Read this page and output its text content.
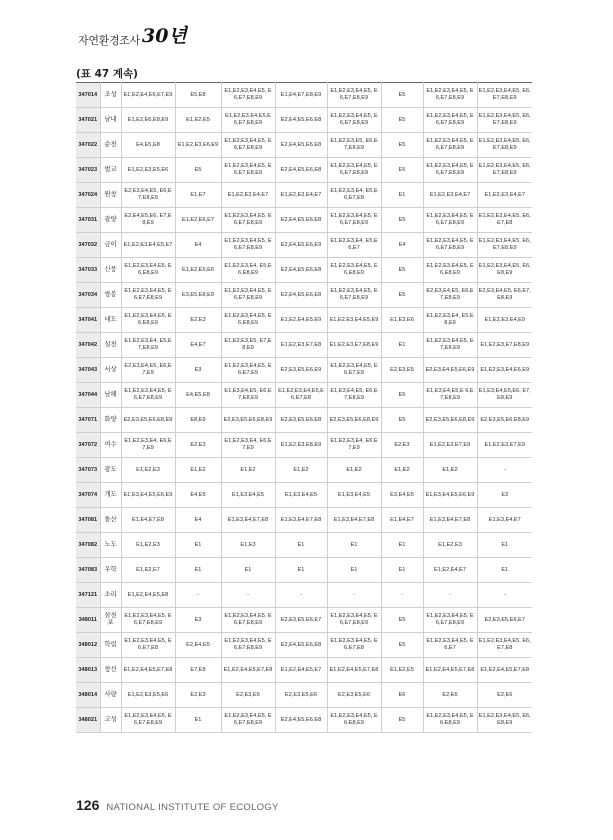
자연환경조사 30년
(표 47 계속)
347014	조성	E1,E2,E4,E6,E7,E9	E5,E8	E1,E2,E3,E4,E5, E6,E7,E8,E9	E1,E4,E7,E8,E9	E1,E2,E3,E4,E5, E6,E7,E8,E9	E5	E1,E2,E3,E4,E5, E6,E7,E8,E9	E1,E2,E3,E4,E5, E6,E7,E8,E9
347021	남내	E1,E2,E6,E8,E9	E1,E2,E5	E1,E2,E3,E4,E5,E 6,E7,E8,E9	E2,E4,E5,E6,E8	E1,E2,E3,E4,E5, E6,E7,E8,E9	E5	E1,E2,E3,E4,E5, E6,E7,E8,E9	E1,E2,E3,E4,E5, E6,E7,E8,E9
347022	순천	E4,E5,E8	E1,E2,E3,E6,E9	E1,E2,E3,E4,E5, E6,E7,E8,E9	E2,E4,E5,E6,E8	E1,E2,E3,E5, E6,E7,E8,E9	E5	E1,E2,E3,E4,E5, E6,E7,E8,E9	E1,E2,E3,E4,E5, E6,E7,E8,E9
347023	벌교	E1,E2,E3,E5,E6	E5	E1,E2,E3,E4,E5, E6,E7,E8,E9	E2,E4,E5,E6,E8	E1,E2,E3,E4,E5, E6,E7,E8,E9	E5	E1,E2,E3,E4,E5, E6,E7,E8,E9	E1,E2,E3,E4,E5, E6,E7,E8,E9
347024	원창	E2,E3,E4,E5, E6,E7,E8,E9	E1,E7	E1,E2,E3,E4,E7	E1,E2,E3,E4,E7	E1,E2,E3,E4, E5,E6,E7,E8	E1	E1,E2,E3,E4,E7	E1,E2,E3,E4,E7
347031	광양	E2,E4,E5,E6, E7,E8,E9	E1,E2,E6,E7	E1,E2,E3,E4,E5, E6,E7,E8,E9	E2,E4,E5,E6,E8	E1,E2,E3,E4,E5, E6,E7,E8,E9	E5	E1,E2,E3,E4,E5, E6,E7,E8,E9	E1,E2,E3,E4,E5, E6,E7,E8
347032	금이	E1,E2,E3,E4,E5,E7	E4	E1,E2,E3,E4,E5, E6,E7,E8,E9	E2,E4,E5,E6,E9	E1,E2,E3,E4, E5,E6,E7	E4	E1,E2,E3,E4,E5, E6,E7,E8,E9	E1,E2,E3,E4,E5, E6,E7,E8,E9
347033	신풍	E1,E2,E3,E4,E5, E6,E8,E9	E1,E2,E5,E6	E1,E2,E3,E4, E5,E6,E8,E9	E2,E4,E5,E6,E8	E1,E2,E3,E4,E5, E6,E8,E9	E5	E1,E2,E3,E4,E5, E6,E8,E9	E1,E2,E3,E4,E5, E6,E8,E9
347034	쌍봉	E1,E2,E3,E4,E5, E6,E7,E8,E9	E3,E5,E8,E9	E1,E2,E3,E4,E5, E6,E7,E8,E9	E2,E4,E5,E6,E8	E1,E2,E3,E4,E5, E6,E7,E8,E9	E5	E2,E3,E4,E5, E6,E7,E8,E9	E2,E3,E4,E5, E6,E7,E8,E9
347041	대도	E1,E2,E3,E4,E5, E6,E8,E9	E2,E3	E1,E2,E3,E4,E5, E6,E8,E9	E1,E2,E4,E5,E9	E1,E2,E3,E4,E5,E9	E1,E3,E6	E1,E2,E3,E4, E5,E8,E9	E1,E2,E3,E4,E9
347042	설천	E1,E2,E3,E4, E5,E7,E8,E9	E4,E7	E1,E2,E3,E5, E7,E8,E9	E1,E2,E3,E7,E8	E1,E2,E3,E7,E8,E9	E1	E1,E2,E3,E4,E5, E7,E8,E9	E1,E2,E3,E7,E8,E9
347043	서상	E2,E3,E4,E5, E6,E7,E9	E3	E1,E2,E3,E4,E5, E6,E7,E9	E2,E3,E5,E6,E9	E1,E2,E3,E4,E5, E6,E7,E9	E2,E3,E5	E2,E3,E4,E5,E6,E9	E1,E2,E3,E4,E6,E9
347044	남해	E1,E2,E3,E4,E5, E6,E7,E8,E9	E4,E5,E8	E1,E3,E4,E5, E6,E7,E8,E9	E1,E2,E3,E4,E5,E 6,E7,E8	E1,E3,E4,E5, E6,E7,E8,E9	E5	E1,E3,E4,E5,E 6,E7,E8,E9	E1,E3,E4,E5,E6, E7,E8,E9
347071	화양	E2,E3,E5,E6,E8,E9	E8,E9	E2,E3,E5,E6,E8,E9	E2,E3,E5,E6,E8	E2,E3,E5,E6,E8,E9	E5	E2,E3,E5,E6,E8,E9	E2,E3,E5,E6,E8,E9
347072	여수	E1,E2,E3,E4, E6,E7,E9	E2,E3	E1,E2,E3,E4, E6,E7,E9	E1,E2,E3,E8,E9	E1,E2,E3,E4, E6,E7,E9	E2,E3	E1,E2,E3,E7,E9	E1,E2,E3,E7,E9
347073	광도	E1,E2,E3	E1,E2	E1,E2	E1,E2	E1,E2	E1,E2	E1,E2	-
347074	개도	E1,E3,E4,E5,E6,E9	E4,E5	E1,E3,E4,E5	E1,E3,E4,E5	E1,E3,E4,E5	E3,E4,E5	E1,E3,E4,E5,E6,E9	E3
347081	돌산	E1,E4,E7,E8	E4	E1,E3,E4,E7,E8	E1,E3,E4,E7,E8	E1,E3,E4,E7,E8	E1,E4,E7	E1,E3,E4,E7,E8	E1,E3,E4,E7
347082	노도	E1,E2,E3	E1	E1,E3	E1	E1	E1	E1,E2,E3	E1
347083	우학	E1,E2,E7	E1	E1	E1	E1	E1	E1,E2,E4,E7	E1
347121	소리	E1,E2,E4,E5,E8	-	-	-	-	-	-	-
348011	삼천포	E1,E2,E3,E4,E5, E6,E7,E8,E9	E3	E1,E2,E3,E4,E5, E6,E7,E8,E9	E2,E3,E5,E6,E7	E1,E2,E3,E4,E5, E6,E7,E8,E9	E5	E1,E2,E3,E4,E5, E6,E7,E8,E9	E2,E3,E5,E6,E7
348012	학림	E1,E2,E3,E4,E5, E6,E7,E8	E2,E4,E5	E1,E2,E3,E4,E5, E6,E7,E8,E9	E2,E4,E5,E6,E8	E1,E2,E3,E4,E5, E6,E7,E8	E5	E1,E2,E3,E4,E5, E6,E7	E1,E2,E3,E4,E5, E6,E7,E8
348013	창선	E1,E2,E4,E5,E7,E8	E7,E8	E1,E2,E4,E5,E7,E8	E1,E2,E4,E5,E7	E1,E2,E4,E5,E7,E8	E1,E2,E5	E1,E2,E4,E5,E7,E8	E1,E2,E4,E5,E7,E8
348014	사량	E1,E2,E3,E5,E6	E2,E3	E2,E3,E6	E2,E3,E5,E6	E2,E3,E5,E6	E6	E2,E6	E2,E6
348021	고성	E1,E2,E3,E4,E5, E6,E7,E8,E9	E1	E1,E2,E3,E4,E5, E6,E7,E8,E9	E2,E4,E5,E6,E8	E1,E2,E3,E4,E5, E6,E8,E9	E5	E1,E2,E3,E4,E5, E6,E8,E9	E1,E2,E3,E4,E5, E6,E8,E9
126 NATIONAL INSTITUTE OF ECOLOGY
